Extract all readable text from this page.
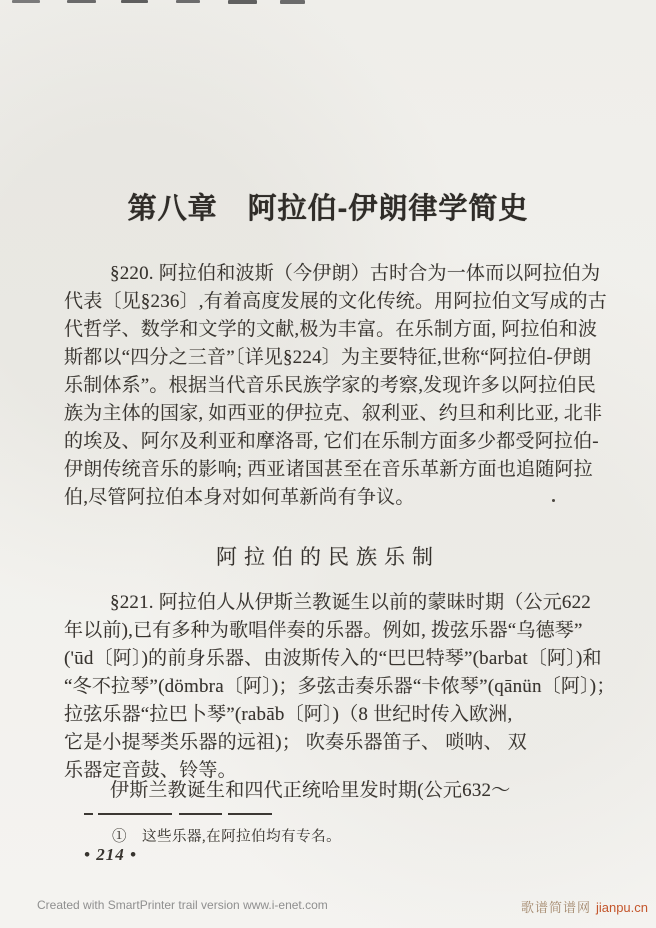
第八章　阿拉伯-伊朗律学简史
§220. 阿拉伯和波斯（今伊朗）古时合为一体而以阿拉伯为
代表〔见§236〕,有着高度发展的文化传统。用阿拉伯文写成的古
代哲学、数学和文学的文献,极为丰富。在乐制方面, 阿拉伯和波
斯都以“四分之三音”〔详见§224〕为主要特征,世称“阿拉伯-伊朗
乐制体系”。根据当代音乐民族学家的考察,发现许多以阿拉伯民
族为主体的国家, 如西亚的伊拉克、叙利亚、约旦和利比亚, 北非
的埃及、阿尔及利亚和摩洛哥, 它们在乐制方面多少都受阿拉伯-
伊朗传统音乐的影响; 西亚诸国甚至在音乐革新方面也追随阿拉
伯,尽管阿拉伯本身对如何革新尚有争议。
阿拉伯的民族乐制
§221. 阿拉伯人从伊斯兰教诞生以前的蒙昧时期（公元622
年以前),已有多种为歌唱伴奏的乐器。例如, 拨弦乐器“乌德琴”
('ūd〔阿〕)的前身乐器、由波斯传入的“巴巴特琴”(barbat〔阿〕)和
“冬不拉琴”(dömbra〔阿〕)；多弦击奏乐器“卡侬琴”(qānün〔阿〕)；
拉弦乐器“拉巴卜琴”(rabāb〔阿〕)（8 世纪时传入欧洲,
它是小提琴类乐器的远祖)； 吹奏乐器笛子、 唢呐、 双
乐器定音鼓、铃等。
伊斯兰教诞生和四代正统哈里发时期(公元632～
①　这些乐器,在阿拉伯均有专名。
• 214 •
Created with SmartPrinter trail version www.i-enet.com	歌谱简谱网 jianpu.cn
